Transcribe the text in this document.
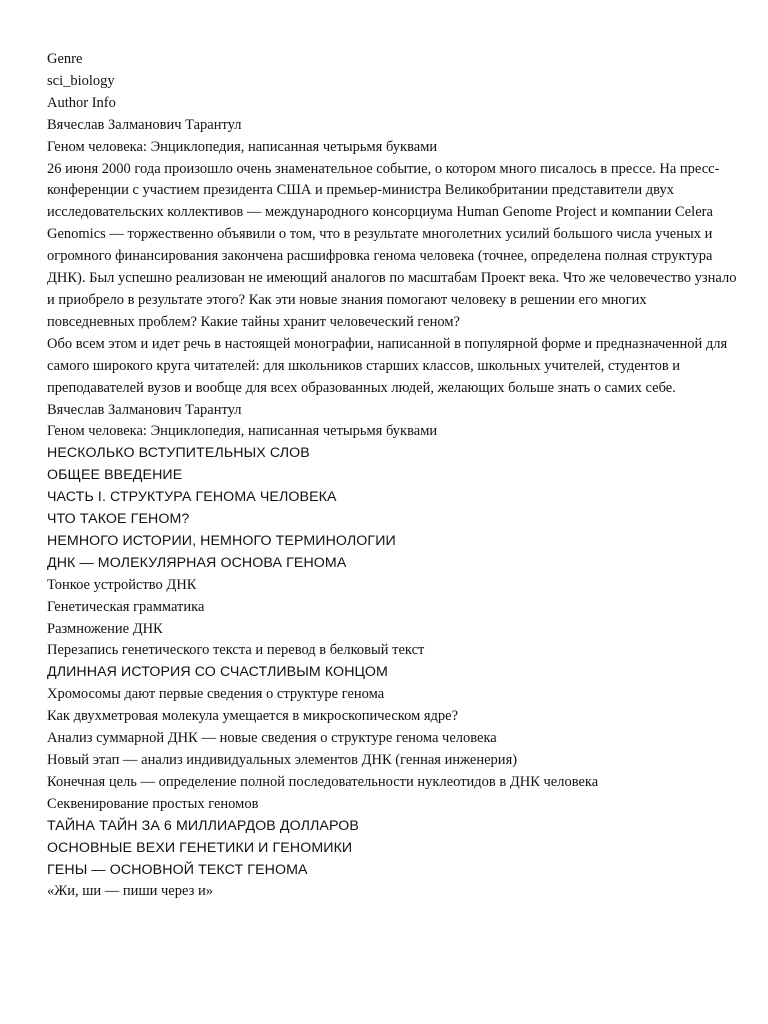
Genre
sci_biology
Author Info
Вячеслав Залманович Тарантул
Геном человека: Энциклопедия, написанная четырьмя буквами
26 июня 2000 года произошло очень знаменательное событие, о котором много писалось в прессе. На пресс-конференции с участием президента США и премьер-министра Великобритании представители двух исследовательских коллективов — международного консорциума Human Genome Project и компании Celera Genomics — торжественно объявили о том, что в результате многолетних усилий большого числа ученых и огромного финансирования закончена расшифровка генома человека (точнее, определена полная структура ДНК). Был успешно реализован не имеющий аналогов по масштабам Проект века. Что же человечество узнало и приобрело в результате этого? Как эти новые знания помогают человеку в решении его многих повседневных проблем? Какие тайны хранит человеческий геном?
Обо всем этом и идет речь в настоящей монографии, написанной в популярной форме и предназначенной для самого широкого круга читателей: для школьников старших классов, школьных учителей, студентов и преподавателей вузов и вообще для всех образованных людей, желающих больше знать о самих себе.
Вячеслав Залманович Тарантул
Геном человека: Энциклопедия, написанная четырьмя буквами
НЕСКОЛЬКО ВСТУПИТЕЛЬНЫХ СЛОВ
ОБЩЕЕ ВВЕДЕНИЕ
ЧАСТЬ I. СТРУКТУРА ГЕНОМА ЧЕЛОВЕКА
ЧТО ТАКОЕ ГЕНОМ?
НЕМНОГО ИСТОРИИ, НЕМНОГО ТЕРМИНОЛОГИИ
ДНК — МОЛЕКУЛЯРНАЯ ОСНОВА ГЕНОМА
Тонкое устройство ДНК
Генетическая грамматика
Размножение ДНК
Перезапись генетического текста и перевод в белковый текст
ДЛИННАЯ ИСТОРИЯ СО СЧАСТЛИВЫМ КОНЦОМ
Хромосомы дают первые сведения о структуре генома
Как двухметровая молекула умещается в микроскопическом ядре?
Анализ суммарной ДНК — новые сведения о структуре генома человека
Новый этап — анализ индивидуальных элементов ДНК (генная инженерия)
Конечная цель — определение полной последовательности нуклеотидов в ДНК человека
Секвенирование простых геномов
ТАЙНА ТАЙН ЗА 6 МИЛЛИАРДОВ ДОЛЛАРОВ
ОСНОВНЫЕ ВЕХИ ГЕНЕТИКИ И ГЕНОМИКИ
ГЕНЫ — ОСНОВНОЙ ТЕКСТ ГЕНОМА
«Жи, ши — пиши через и»
